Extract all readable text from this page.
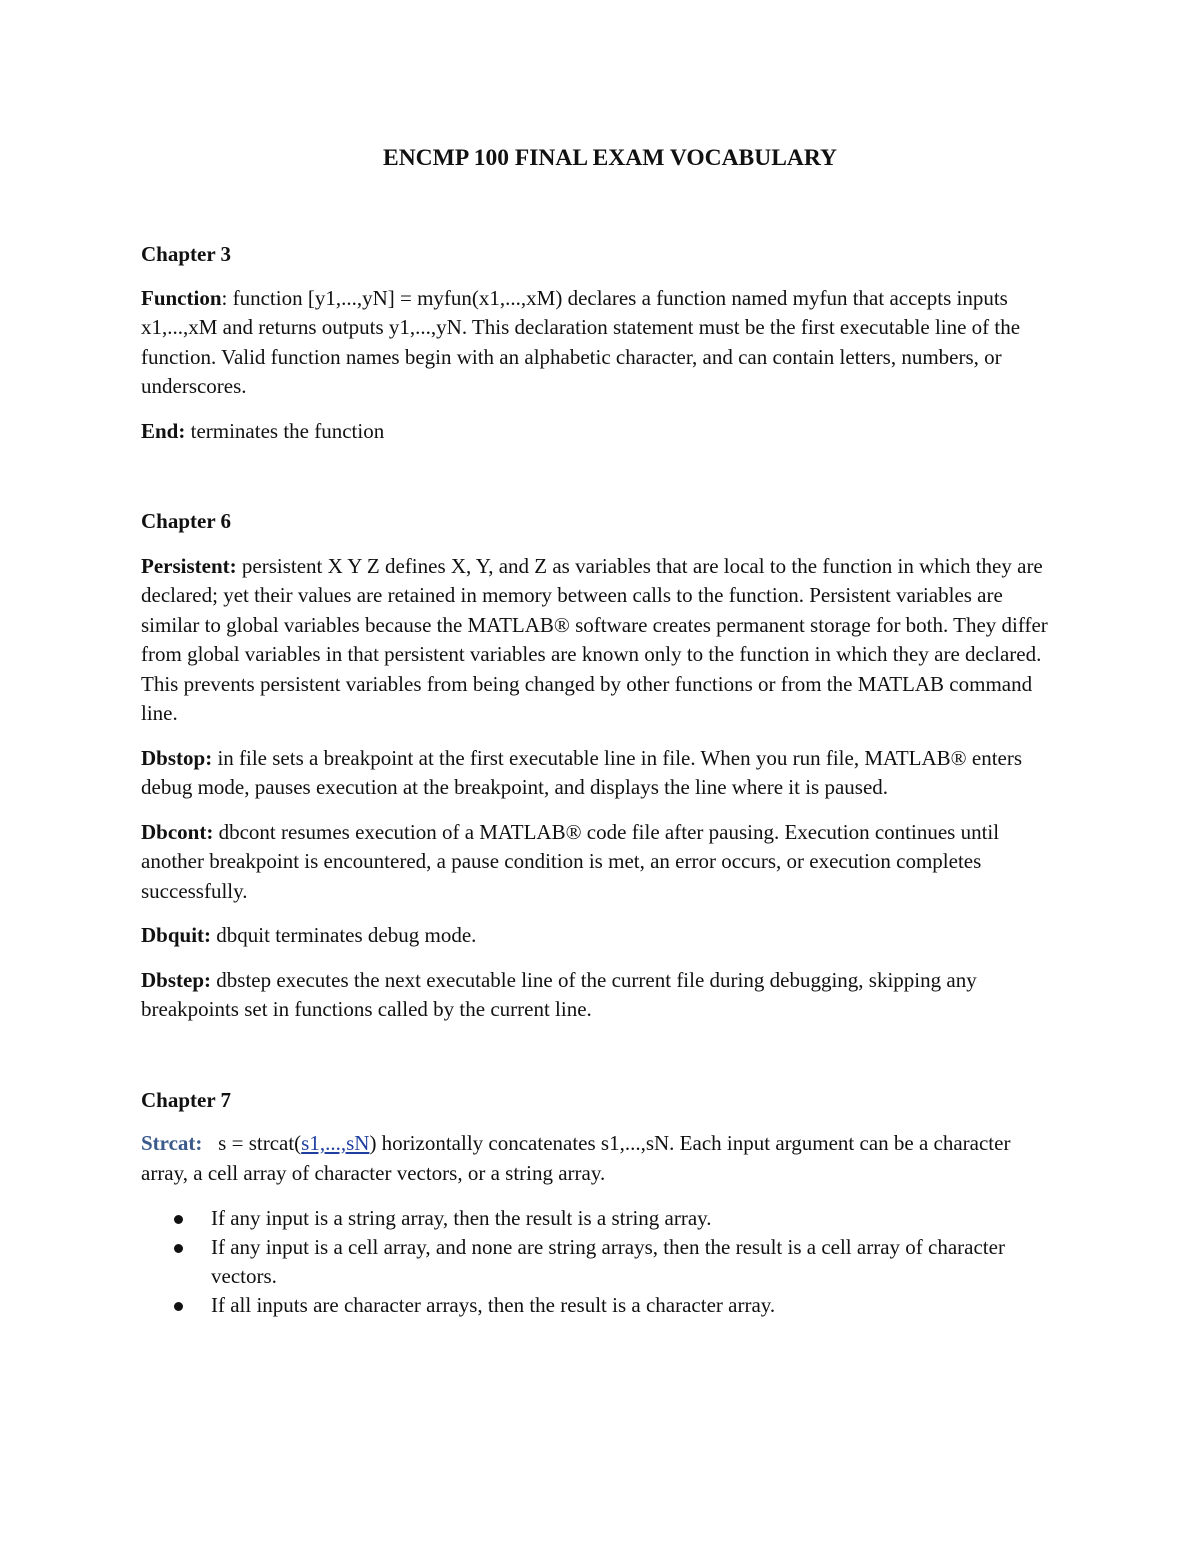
ENCMP 100 FINAL EXAM VOCABULARY
Chapter 3

Function: function [y1,...,yN] = myfun(x1,...,xM) declares a function named myfun that accepts inputs x1,...,xM and returns outputs y1,...,yN. This declaration statement must be the first executable line of the function. Valid function names begin with an alphabetic character, and can contain letters, numbers, or underscores.

End: terminates the function

Chapter 6

Persistent: persistent X Y Z defines X, Y, and Z as variables that are local to the function in which they are declared; yet their values are retained in memory between calls to the function. Persistent variables are similar to global variables because the MATLAB® software creates permanent storage for both. They differ from global variables in that persistent variables are known only to the function in which they are declared. This prevents persistent variables from being changed by other functions or from the MATLAB command line.

Dbstop: in file sets a breakpoint at the first executable line in file. When you run file, MATLAB® enters debug mode, pauses execution at the breakpoint, and displays the line where it is paused.

Dbcont: dbcont resumes execution of a MATLAB® code file after pausing. Execution continues until another breakpoint is encountered, a pause condition is met, an error occurs, or execution completes successfully.

Dbquit: dbquit terminates debug mode.

Dbstep: dbstep executes the next executable line of the current file during debugging, skipping any breakpoints set in functions called by the current line.

Chapter 7

Strcat:   s = strcat(s1,...,sN) horizontally concatenates s1,...,sN. Each input argument can be a character array, a cell array of character vectors, or a string array.

If any input is a string array, then the result is a string array.
If any input is a cell array, and none are string arrays, then the result is a cell array of character vectors.
If all inputs are character arrays, then the result is a character array.
